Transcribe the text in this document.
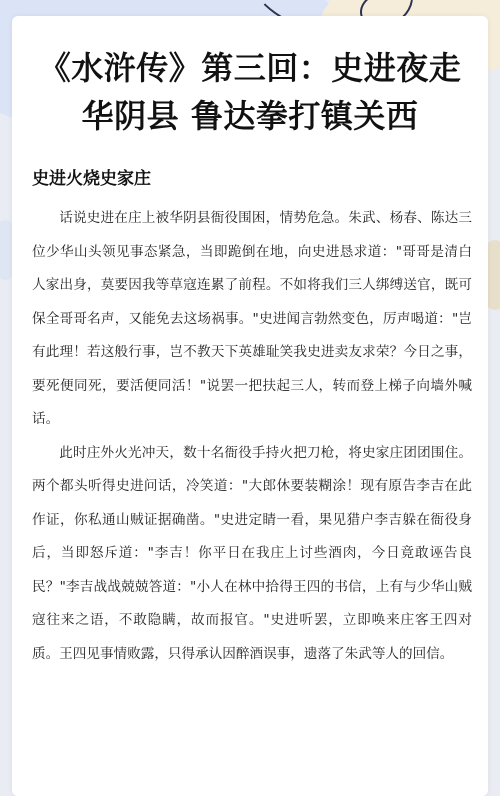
《水浒传》第三回：史进夜走
华阴县 鲁达拳打镇关西
史进火烧史家庄

话说史进在庄上被华阴县衙役围困，情势危急。朱武、杨春、陈达三位少华山头领见事态紧急，当即跪倒在地，向史进恳求道："哥哥是清白人家出身，莫要因我等草寇连累了前程。不如将我们三人绑缚送官，既可保全哥哥名声，又能免去这场祸事。"史进闻言勃然变色，厉声喝道："岂有此理！若这般行事，岂不教天下英雄耻笑我史进卖友求荣？今日之事，要死便同死，要活便同活！"说罢一把扶起三人，转而登上梯子向墙外喊话。

此时庄外火光冲天，数十名衙役手持火把刀枪，将史家庄团团围住。两个都头听得史进问话，冷笑道："大郎休要装糊涂！现有原告李吉在此作证，你私通山贼证据确凿。"史进定睛一看，果见猎户李吉躲在衙役身后，当即怒斥道："李吉！你平日在我庄上讨些酒肉，今日竟敢诬告良民？"李吉战战兢兢答道："小人在林中拾得王四的书信，上有与少华山贼寇往来之语，不敢隐瞒，故而报官。"史进听罢，立即唤来庄客王四对质。王四见事情败露，只得承认因醉酒误事，遗落了朱武等人的回信。
